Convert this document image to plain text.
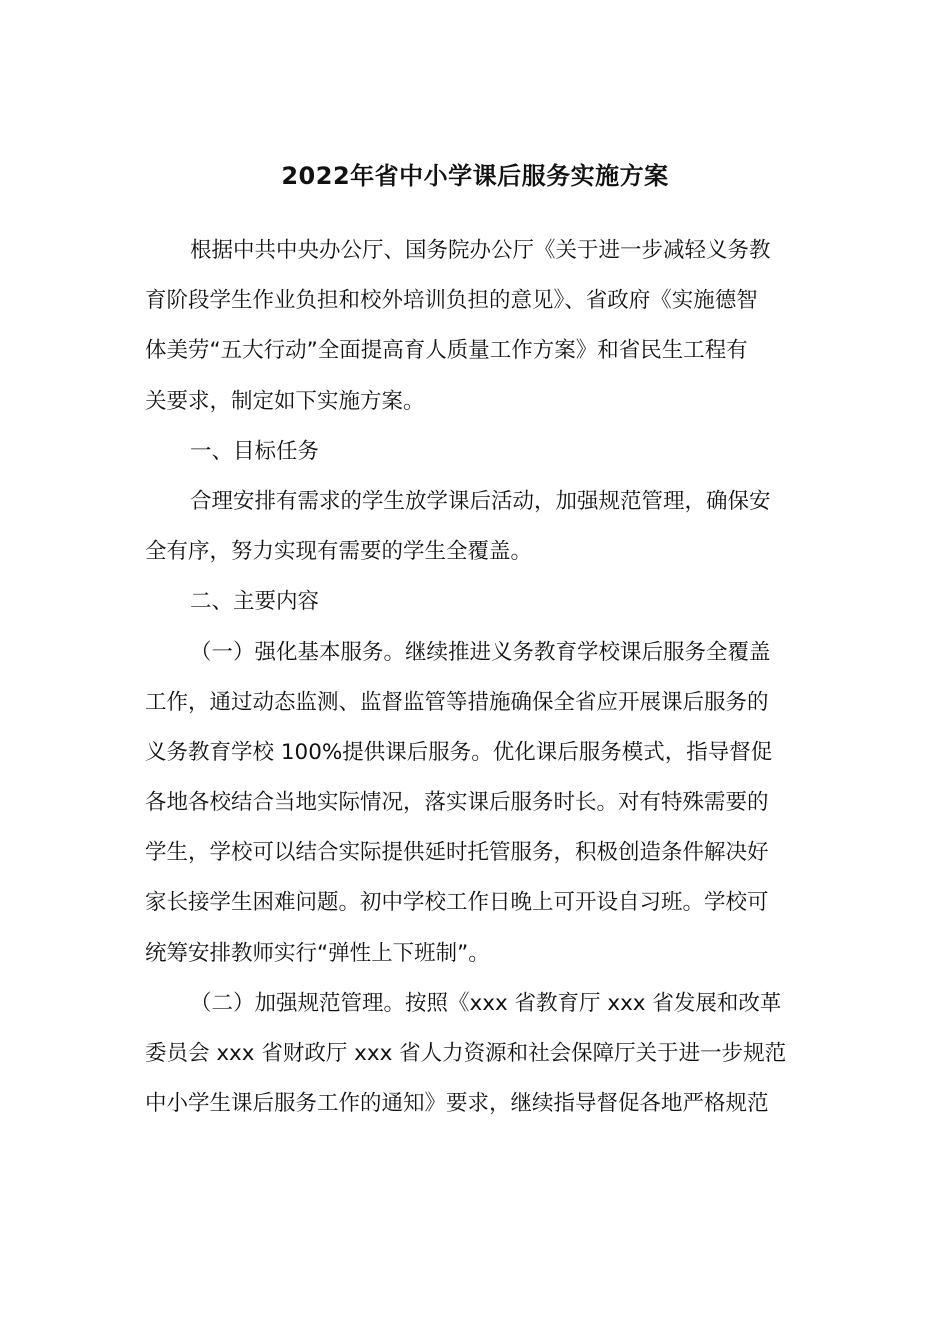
2022年省中小学课后服务实施方案
根据中共中央办公厅、国务院办公厅《关于进一步减轻义务教
育阶段学生作业负担和校外培训负担的意见》、省政府《实施德智
体美劳“五大行动”全面提高育人质量工作方案》和省民生工程有
关要求，制定如下实施方案。
一、目标任务
合理安排有需求的学生放学课后活动，加强规范管理，确保安
全有序，努力实现有需要的学生全覆盖。
二、主要内容
（一）强化基本服务。继续推进义务教育学校课后服务全覆盖
工作，通过动态监测、监督监管等措施确保全省应开展课后服务的
义务教育学校 100%提供课后服务。优化课后服务模式，指导督促
各地各校结合当地实际情况，落实课后服务时长。对有特殊需要的
学生，学校可以结合实际提供延时托管服务，积极创造条件解决好
家长接学生困难问题。初中学校工作日晚上可开设自习班。学校可
统筹安排教师实行“弹性上下班制”。
（二）加强规范管理。按照《xxx 省教育厅 xxx 省发展和改革
委员会 xxx 省财政厅 xxx 省人力资源和社会保障厅关于进一步规范
中小学生课后服务工作的通知》要求，继续指导督促各地严格规范
